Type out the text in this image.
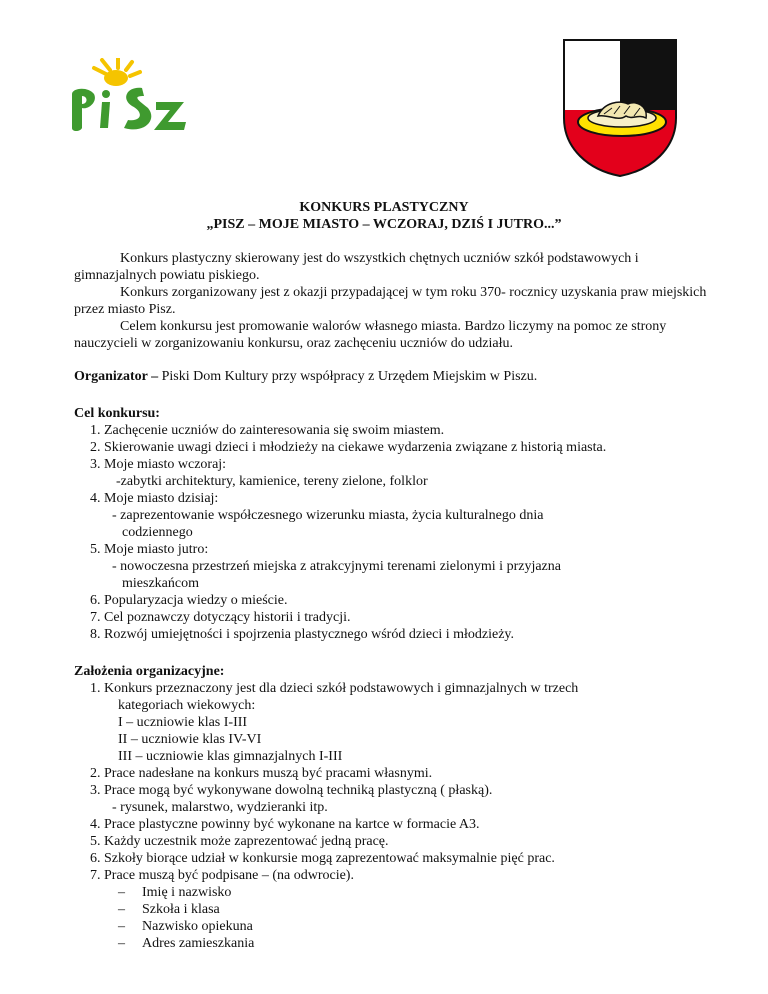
KONKURS PLASTYCZNY
„PISZ – MOJE MIASTO – WCZORAJ, DZIŚ I JUTRO...”

Konkurs plastyczny skierowany jest do wszystkich chętnych uczniów szkół podstawowych i gimnazjalnych powiatu piskiego.

Konkurs zorganizowany jest z okazji przypadającej w tym roku 370- rocznicy uzyskania praw miejskich przez miasto Pisz.

Celem konkursu jest promowanie walorów własnego miasta. Bardzo liczymy na pomoc ze strony nauczycieli w zorganizowaniu konkursu, oraz zachęceniu uczniów do udziału.

Organizator – Piski Dom Kultury przy współpracy z Urzędem Miejskim w Piszu.
Cel konkursu:
1. Zachęcenie uczniów do zainteresowania się swoim miastem.
2. Skierowanie uwagi dzieci i młodzieży na ciekawe wydarzenia związane z historią miasta.
3. Moje miasto wczoraj:
-zabytki architektury, kamienice, tereny zielone, folklor
4. Moje miasto dzisiaj:
- zaprezentowanie współczesnego wizerunku miasta, życia kulturalnego dnia
codziennego
5. Moje miasto jutro:
- nowoczesna przestrzeń miejska z atrakcyjnymi terenami zielonymi i przyjazna
mieszkańcom
6. Popularyzacja wiedzy o mieście.
7. Cel poznawczy dotyczący historii i tradycji.
8. Rozwój umiejętności i spojrzenia plastycznego wśród dzieci i młodzieży.
Założenia organizacyjne:
1. Konkurs przeznaczony jest dla dzieci szkół podstawowych i gimnazjalnych w trzech
kategoriach wiekowych:
I – uczniowie klas I-III
II – uczniowie klas IV-VI
III – uczniowie klas gimnazjalnych I-III
2. Prace nadesłane na konkurs muszą być pracami własnymi.
3. Prace mogą być wykonywane dowolną techniką plastyczną ( płaską).
- rysunek, malarstwo, wydzieranki itp.
4. Prace plastyczne powinny być wykonane na kartce w formacie A3.
5. Każdy uczestnik może zaprezentować jedną pracę.
6. Szkoły biorące udział w konkursie mogą zaprezentować maksymalnie pięć prac.
7. Prace muszą być podpisane – (na odwrocie).
– Imię i nazwisko
– Szkoła i klasa
– Nazwisko opiekuna
– Adres zamieszkania
